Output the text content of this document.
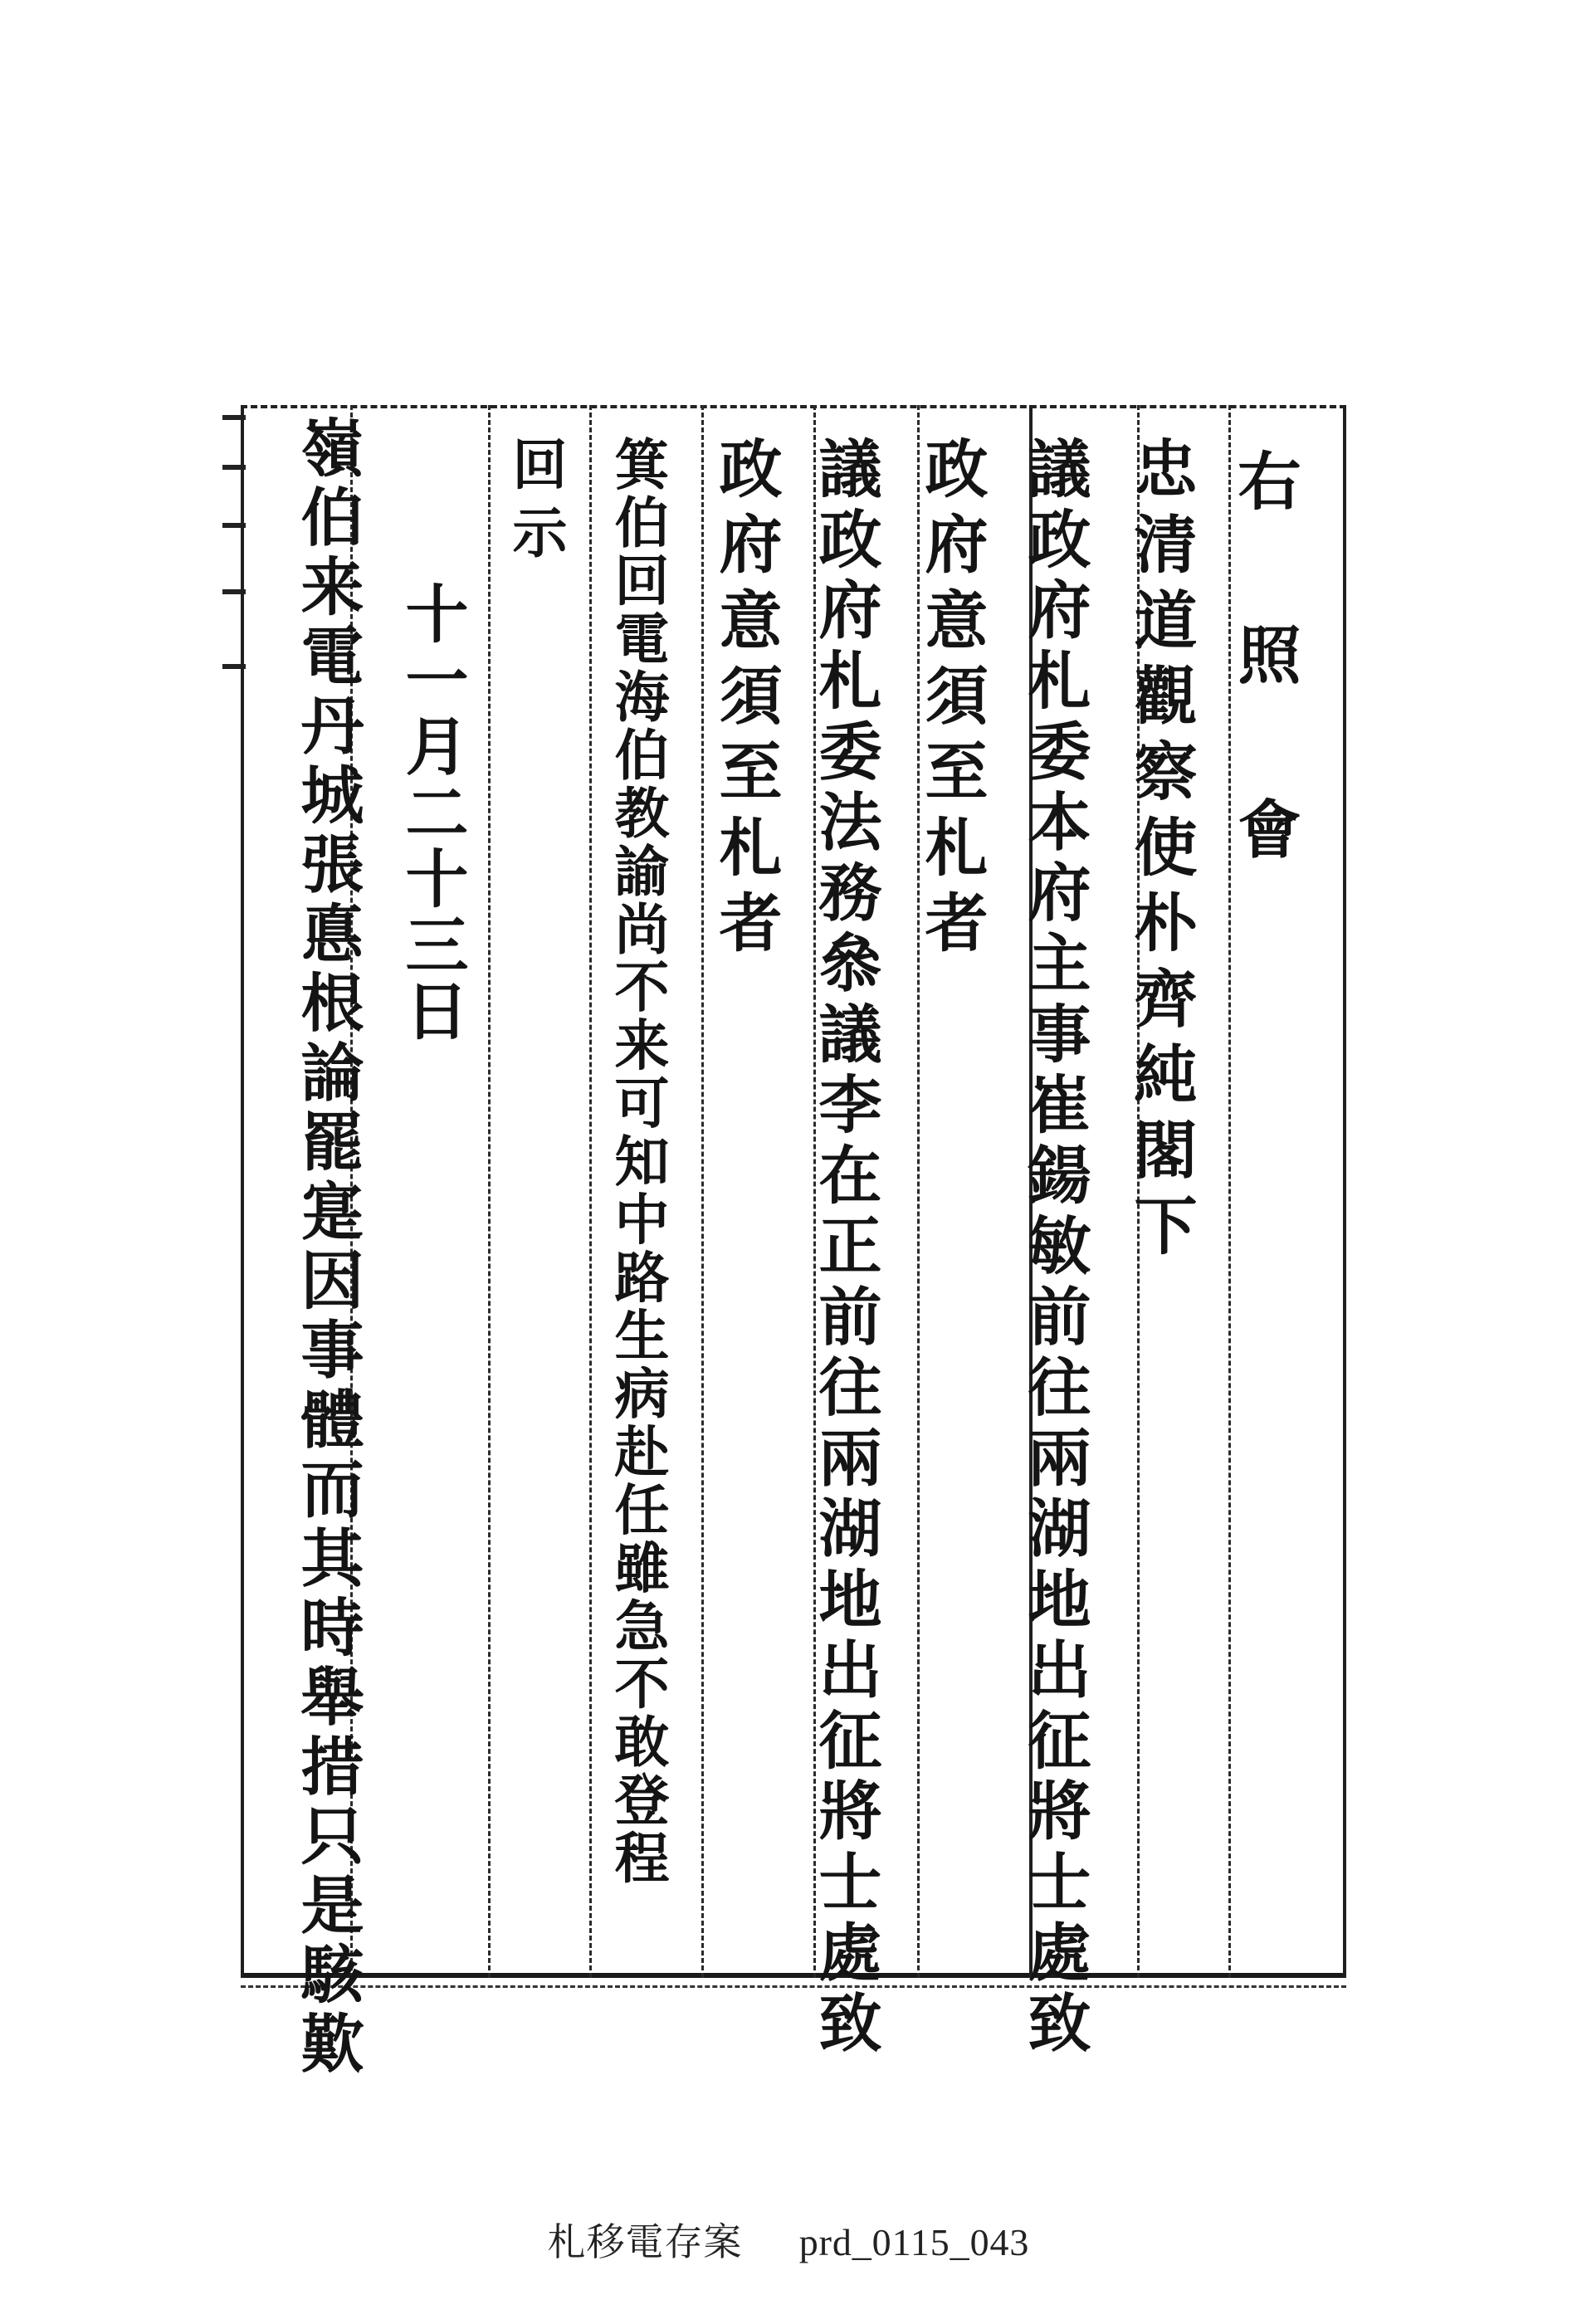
右　照　會
忠清道觀察使朴齊純閣下
議政府札委本府主事崔鍚敏前往兩湖地出征將士處致
政府意須至札者
議政府札委法務叅議李在正前往兩湖地出征將士處致
政府意須至札者
箕伯回電海伯教諭尚不来可知中路生病赴任雖急不敢登程
回示
十一月二十三日
嶺伯来電丹城張悳根論罷寔因事體而其時舉措只是駭歎
札移電存案 prd_0115_043
